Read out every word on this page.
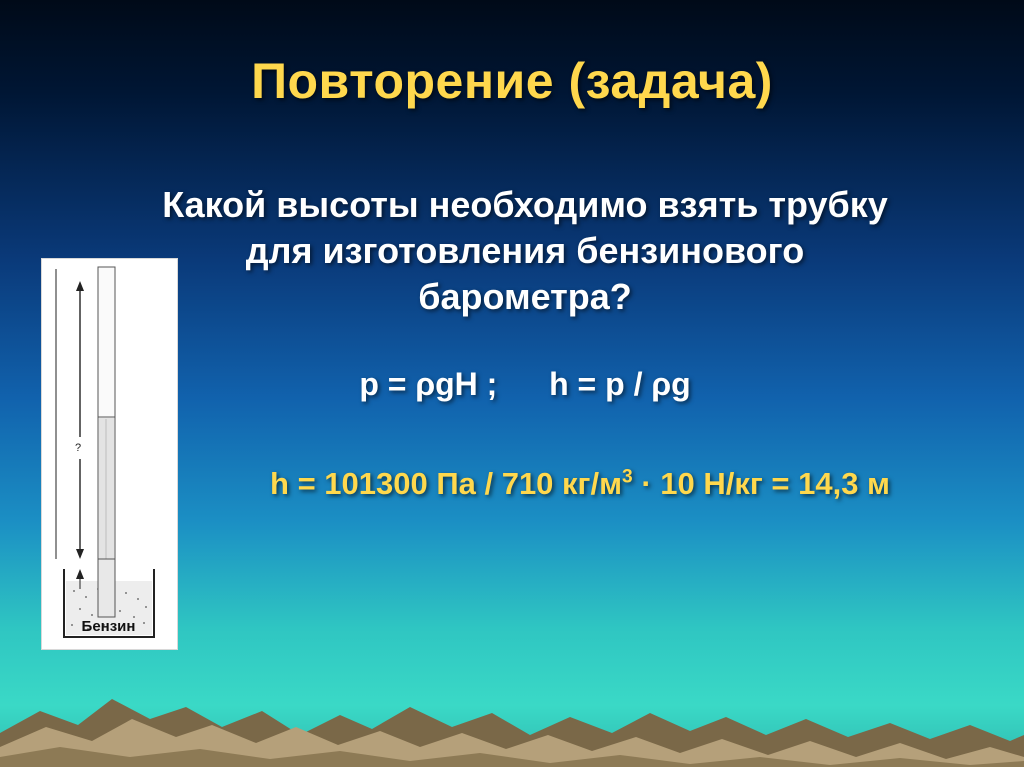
Повторение (задача)
Какой высоты необходимо взять трубку
для изготовления бензинового
барометра?
p = ρgH ; h = p / ρg
h = 101300 Па / 710 $кг/м^3 \cdot 10$ Н/кг = 14,3 м
?
Бензин
